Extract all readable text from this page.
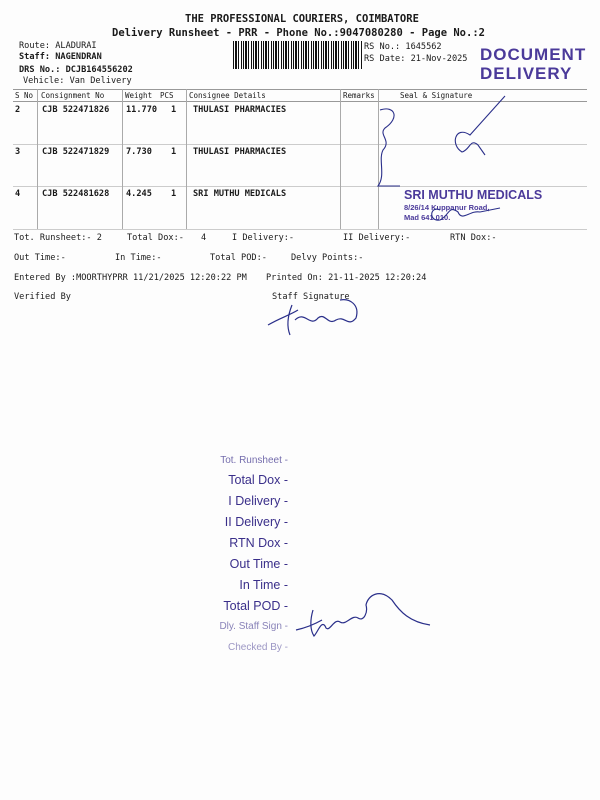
THE PROFESSIONAL COURIERS, COIMBATORE
Delivery Runsheet - PRR - Phone No.:9047080280 - Page No.:2
Route: ALADURAI
Staff: NAGENDRAN
DRS No.: DCJB164556202
Vehicle: Van Delivery
RS No.: 1645562
RS Date: 21-Nov-2025 DOCUMENT DELIVERY
S No Consignment No	Weight PCS Consignee Details	Remarks	Seal & Signature
2	CJB 522471826 11.770 1 THULASI PHARMACIES
3	CJB 522471829 7.730 1 THULASI PHARMACIES
4	CJB 522481628 4.245 1 SRI MUTHU MEDICALS	SRI MUTHU MEDICALS
8/26/14 Kuppanur Road,
Mad 641 010.
Tot. Runsheet:- 2	Total Dox:- 4	I Delivery:-	II Delivery:-	RTN Dox:-
Out Time:-	In Time:-	Total POD:-	Delvy Points:-
Entered By :MOORTHYPRR 11/21/2025 12:20:22 PM Printed On: 21-11-2025 12:20:24
Verified By	Staff Signature
Tot. Runsheet -
Total Dox -
I Delivery -
II Delivery -
RTN Dox -
Out Time -
In Time -
Total POD -
Dly. Staff Sign -
Checked By -
